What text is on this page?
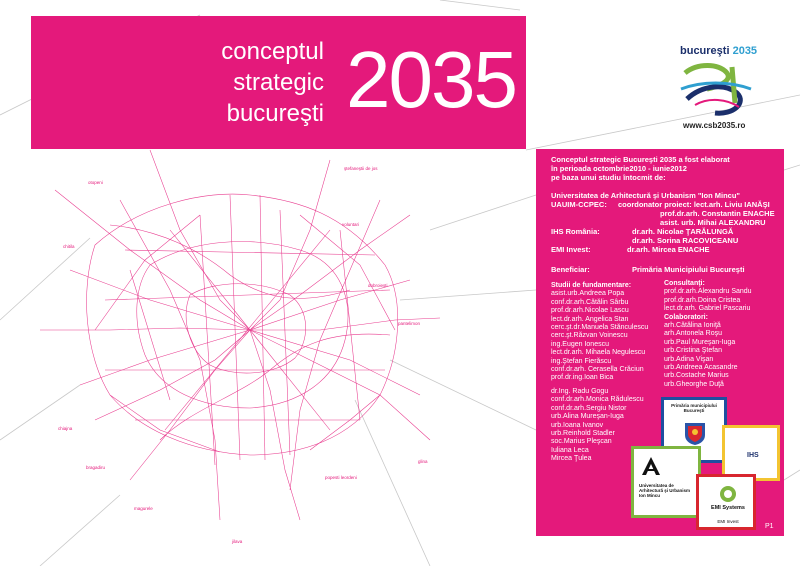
conceptul
strategic
bucureşti 2035	bucureşti 2035
www.csb2035.ro
Conceptul strategic Bucureşti 2035 a fost elaborat
în perioada octombrie2010 - iunie2012
pe baza unui studiu întocmit de:
Universitatea de Arhitectură şi Urbanism "Ion Mincu"
UAUIM-CCPEC: coordonator proiect: lect.arh. Liviu IANĂŞI
prof.dr.arh. Constantin ENACHE
asist. urb. Mihai ALEXANDRU
IHS România:	dr.arh. Nicolae ŢARĂLUNGĂ
dr.arh. Sorina RACOVICEANU
EMI Invest:	dr.arh. Mircea ENACHE
Beneficiar:	Primăria Municipiului Bucureşti
Studii de fundamentare:
asist.urb.Andreea Popa
conf.dr.arh.Cătălin Sârbu
prof.dr.arh.Nicolae Lascu
lect.dr.arh. Angelica Stan
cerc.şt.dr.Manuela Stănculescu
cerc.şt.Răzvan Voinescu
ing.Eugen Ionescu
lect.dr.arh. Mihaela Negulescu
ing.Ştefan Fierăscu
conf.dr.arh. Cerasella Crăciun
prof.dr.ing.Ioan Bica
dr.Ing. Radu Gogu
conf.dr.arh.Monica Rădulescu
conf.dr.arh.Sergiu Nistor
urb.Alina Mureşan-Iuga
urb.Ioana Ivanov
urb.Reinhold Stadler
soc.Marius Pleşcan
Iuliana Leca
Mircea Ţulea
Consultanţi:
prof.dr.arh.Alexandru Sandu
prof.dr.arh.Doina Cristea
lect.dr.arh. Gabriel Pascariu
Colaboratori:
arh.Cătălina Ioniţă
arh.Antonela Roşu
urb.Paul Mureşan-Iuga
urb.Cristina Ştefan
urb.Adina Vişan
urb.Andreea Acasandre
urb.Costache Marius
urb.Gheorghe Duţă
Primăria municipiului Bucureşti
IHS
Universitatea de Arhitectură şi Urbanism Ion Mincu
EMI Systems
EMI Invest
P1
otopeni
ştefaneştii de jos
voluntari
chitila
dobroiesti
pantelimon
chiajna
bragadiru
popesti leordeni
glina
magurele
jilava
